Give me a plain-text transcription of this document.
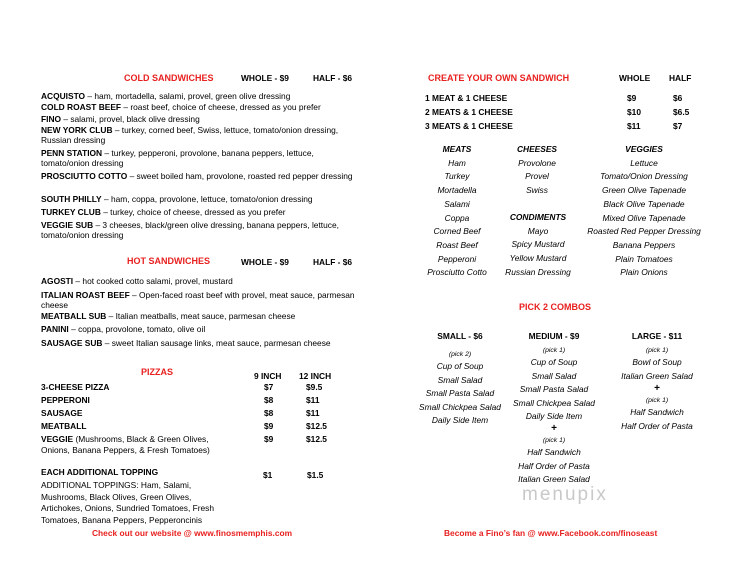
COLD SANDWICHES	WHOLE - $9	HALF - $6
ACQUISTO – ham, mortadella, salami, provel, green olive dressing
COLD ROAST BEEF – roast beef, choice of cheese, dressed as you prefer
FINO – salami, provel, black olive dressing
NEW YORK CLUB – turkey, corned beef, Swiss, lettuce, tomato/onion dressing, Russian dressing
PENN STATION – turkey, pepperoni, provolone, banana peppers, lettuce, tomato/onion dressing
PROSCIUTTO COTTO – sweet boiled ham, provolone, roasted red pepper dressing
SOUTH PHILLY – ham, coppa, provolone, lettuce, tomato/onion dressing
TURKEY CLUB – turkey, choice of cheese, dressed as you prefer
VEGGIE SUB – 3 cheeses, black/green olive dressing, banana peppers, lettuce, tomato/onion dressing
HOT SANDWICHES	WHOLE - $9	HALF - $6
AGOSTI – hot cooked cotto salami, provel, mustard
ITALIAN ROAST BEEF – Open-faced roast beef with provel, meat sauce, parmesan cheese
MEATBALL SUB – Italian meatballs, meat sauce, parmesan cheese
PANINI – coppa, provolone, tomato, olive oil
SAUSAGE SUB – sweet Italian sausage links, meat sauce, parmesan cheese
PIZZAS	9 INCH 12 INCH
3-CHEESE PIZZA	$7	$9.5
PEPPERONI	$8	$11
SAUSAGE	$8	$11
MEATBALL	$9	$12.5
VEGGIE (Mushrooms, Black & Green Olives,	$9	$12.5
Onions, Banana Peppers, & Fresh Tomatoes)
EACH ADDITIONAL TOPPING	$1	$1.5
ADDITIONAL TOPPINGS: Ham, Salami, Mushrooms, Black Olives, Green Olives, Artichokes, Onions, Sundried Tomatoes, Fresh Tomatoes, Banana Peppers, Pepperoncinis
Check out our website @ www.finosmemphis.com
CREATE YOUR OWN SANDWICH	WHOLE HALF
1 MEAT & 1 CHEESE	$9	$6
2 MEATS & 1 CHEESE	$10	$6.5
3 MEATS & 1 CHEESE	$11	$7
MEATS
Ham
Turkey
Mortadella
Salami
Coppa
Corned Beef
Roast Beef
Pepperoni
Prosciutto Cotto
CHEESES
Provolone
Provel
Swiss
CONDIMENTS
Mayo
Spicy Mustard
Yellow Mustard
Russian Dressing
VEGGIES
Lettuce
Tomato/Onion Dressing
Green Olive Tapenade
Black Olive Tapenade
Mixed Olive Tapenade
Roasted Red Pepper Dressing
Banana Peppers
Plain Tomatoes
Plain Onions
PICK 2 COMBOS
SMALL - $6
(pick 2)
Cup of Soup
Small Salad
Small Pasta Salad
Small Chickpea Salad
Daily Side Item
MEDIUM - $9
(pick 1)
Cup of Soup
Small Salad
Small Pasta Salad
Small Chickpea Salad
Daily Side Item
+
(pick 1)
Half Sandwich
Half Order of Pasta
Italian Green Salad
LARGE - $11
(pick 1)
Bowl of Soup
Italian Green Salad
+
(pick 1)
Half Sandwich
Half Order of Pasta
menupix
Become a Fino’s fan @ www.Facebook.com/finoseast
